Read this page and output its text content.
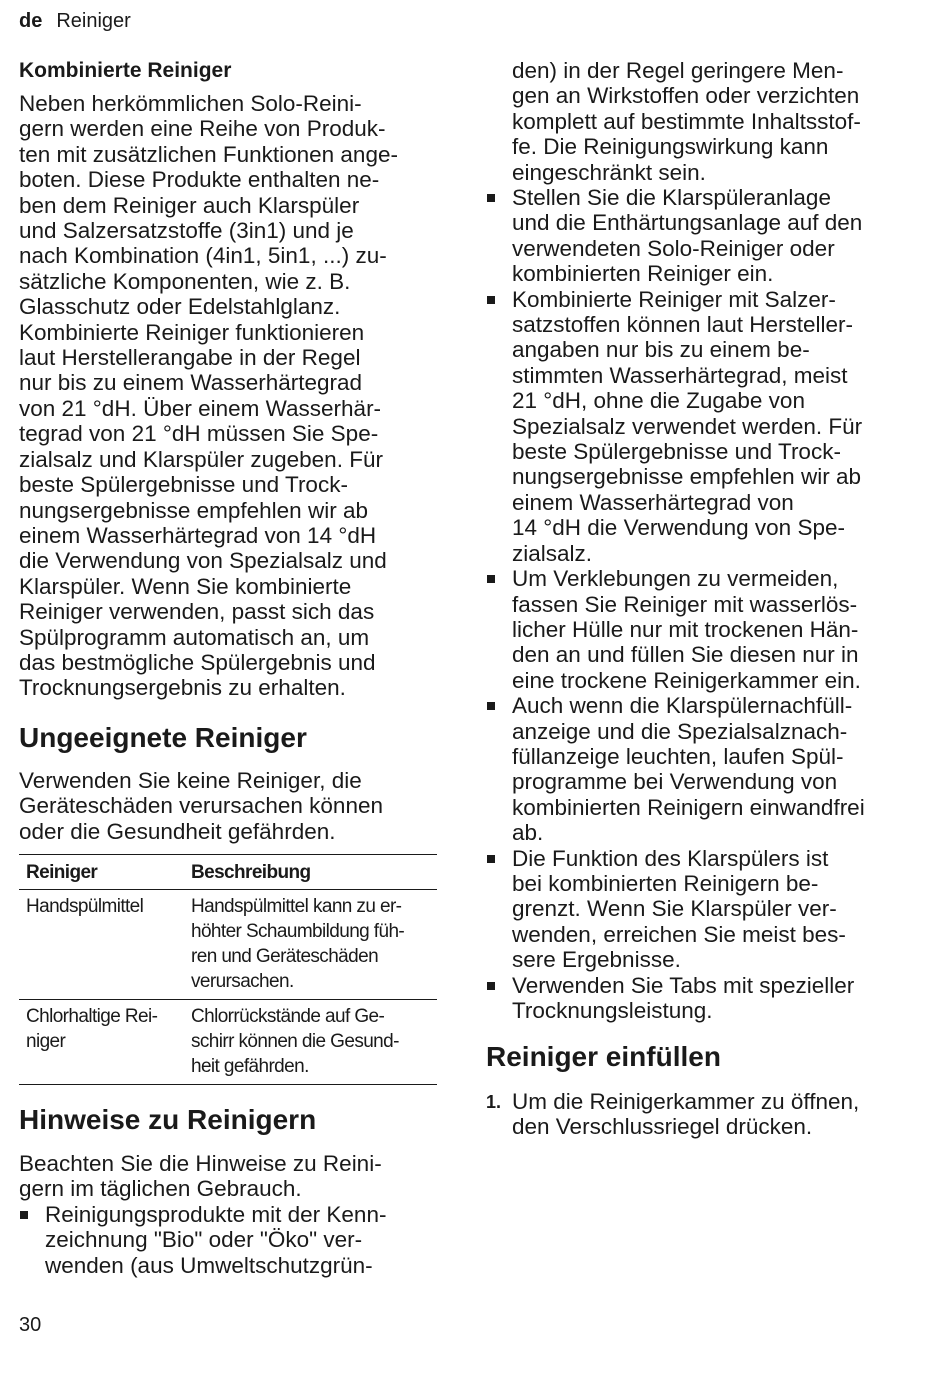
de Reiniger
Kombinierte Reiniger

Neben herkömmlichen Solo-Reini-
gern werden eine Reihe von Produk-
ten mit zusätzlichen Funktionen ange-
boten. Diese Produkte enthalten ne-
ben dem Reiniger auch Klarspüler
und Salzersatzstoffe (3in1) und je
nach Kombination (4in1, 5in1, ...) zu-
sätzliche Komponenten, wie z. B.
Glasschutz oder Edelstahlglanz.
Kombinierte Reiniger funktionieren
laut Herstellerangabe in der Regel
nur bis zu einem Wasserhärtegrad
von 21 °dH. Über einem Wasserhär-
tegrad von 21 °dH müssen Sie Spe-
zialsalz und Klarspüler zugeben. Für
beste Spülergebnisse und Trock-
nungsergebnisse empfehlen wir ab
einem Wasserhärtegrad von 14 °dH
die Verwendung von Spezialsalz und
Klarspüler. Wenn Sie kombinierte
Reiniger verwenden, passt sich das
Spülprogramm automatisch an, um
das bestmögliche Spülergebnis und
Trocknungsergebnis zu erhalten.

Ungeeignete Reiniger

Verwenden Sie keine Reiniger, die
Geräteschäden verursachen können
oder die Gesundheit gefährden.

Reiniger	Beschreibung
Handspülmittel	Handspülmittel kann zu er-
höhter Schaumbildung füh-
ren und Geräteschäden
verursachen.
Chlorhaltige Rei-
niger	Chlorrückstände auf Ge-
schirr können die Gesund-
heit gefährden.
Hinweise zu Reinigern

Beachten Sie die Hinweise zu Reini-
gern im täglichen Gebrauch.

Reinigungsprodukte mit der Kenn-
zeichnung "Bio" oder "Öko" ver-
wenden (aus Umweltschutzgrün-

den) in der Regel geringere Men-
gen an Wirkstoffen oder verzichten
komplett auf bestimmte Inhaltsstof-
fe. Die Reinigungswirkung kann
eingeschränkt sein.

Stellen Sie die Klarspüleranlage
und die Enthärtungsanlage auf den
verwendeten Solo-Reiniger oder
kombinierten Reiniger ein.
Kombinierte Reiniger mit Salzer-
satzstoffen können laut Hersteller-
angaben nur bis zu einem be-
stimmten Wasserhärtegrad, meist
21 °dH, ohne die Zugabe von
Spezialsalz verwendet werden. Für
beste Spülergebnisse und Trock-
nungsergebnisse empfehlen wir ab
einem Wasserhärtegrad von
14 °dH die Verwendung von Spe-
zialsalz.
Um Verklebungen zu vermeiden,
fassen Sie Reiniger mit wasserlös-
licher Hülle nur mit trockenen Hän-
den an und füllen Sie diesen nur in
eine trockene Reinigerkammer ein.
Auch wenn die Klarspülernachfüll-
anzeige und die Spezialsalznach-
füllanzeige leuchten, laufen Spül-
programme bei Verwendung von
kombinierten Reinigern einwandfrei
ab.
Die Funktion des Klarspülers ist
bei kombinierten Reinigern be-
grenzt. Wenn Sie Klarspüler ver-
wenden, erreichen Sie meist bes-
sere Ergebnisse.
Verwenden Sie Tabs mit spezieller
Trocknungsleistung.
Reiniger einfüllen
1. Um die Reinigerkammer zu öffnen,
den Verschlussriegel drücken.
30
